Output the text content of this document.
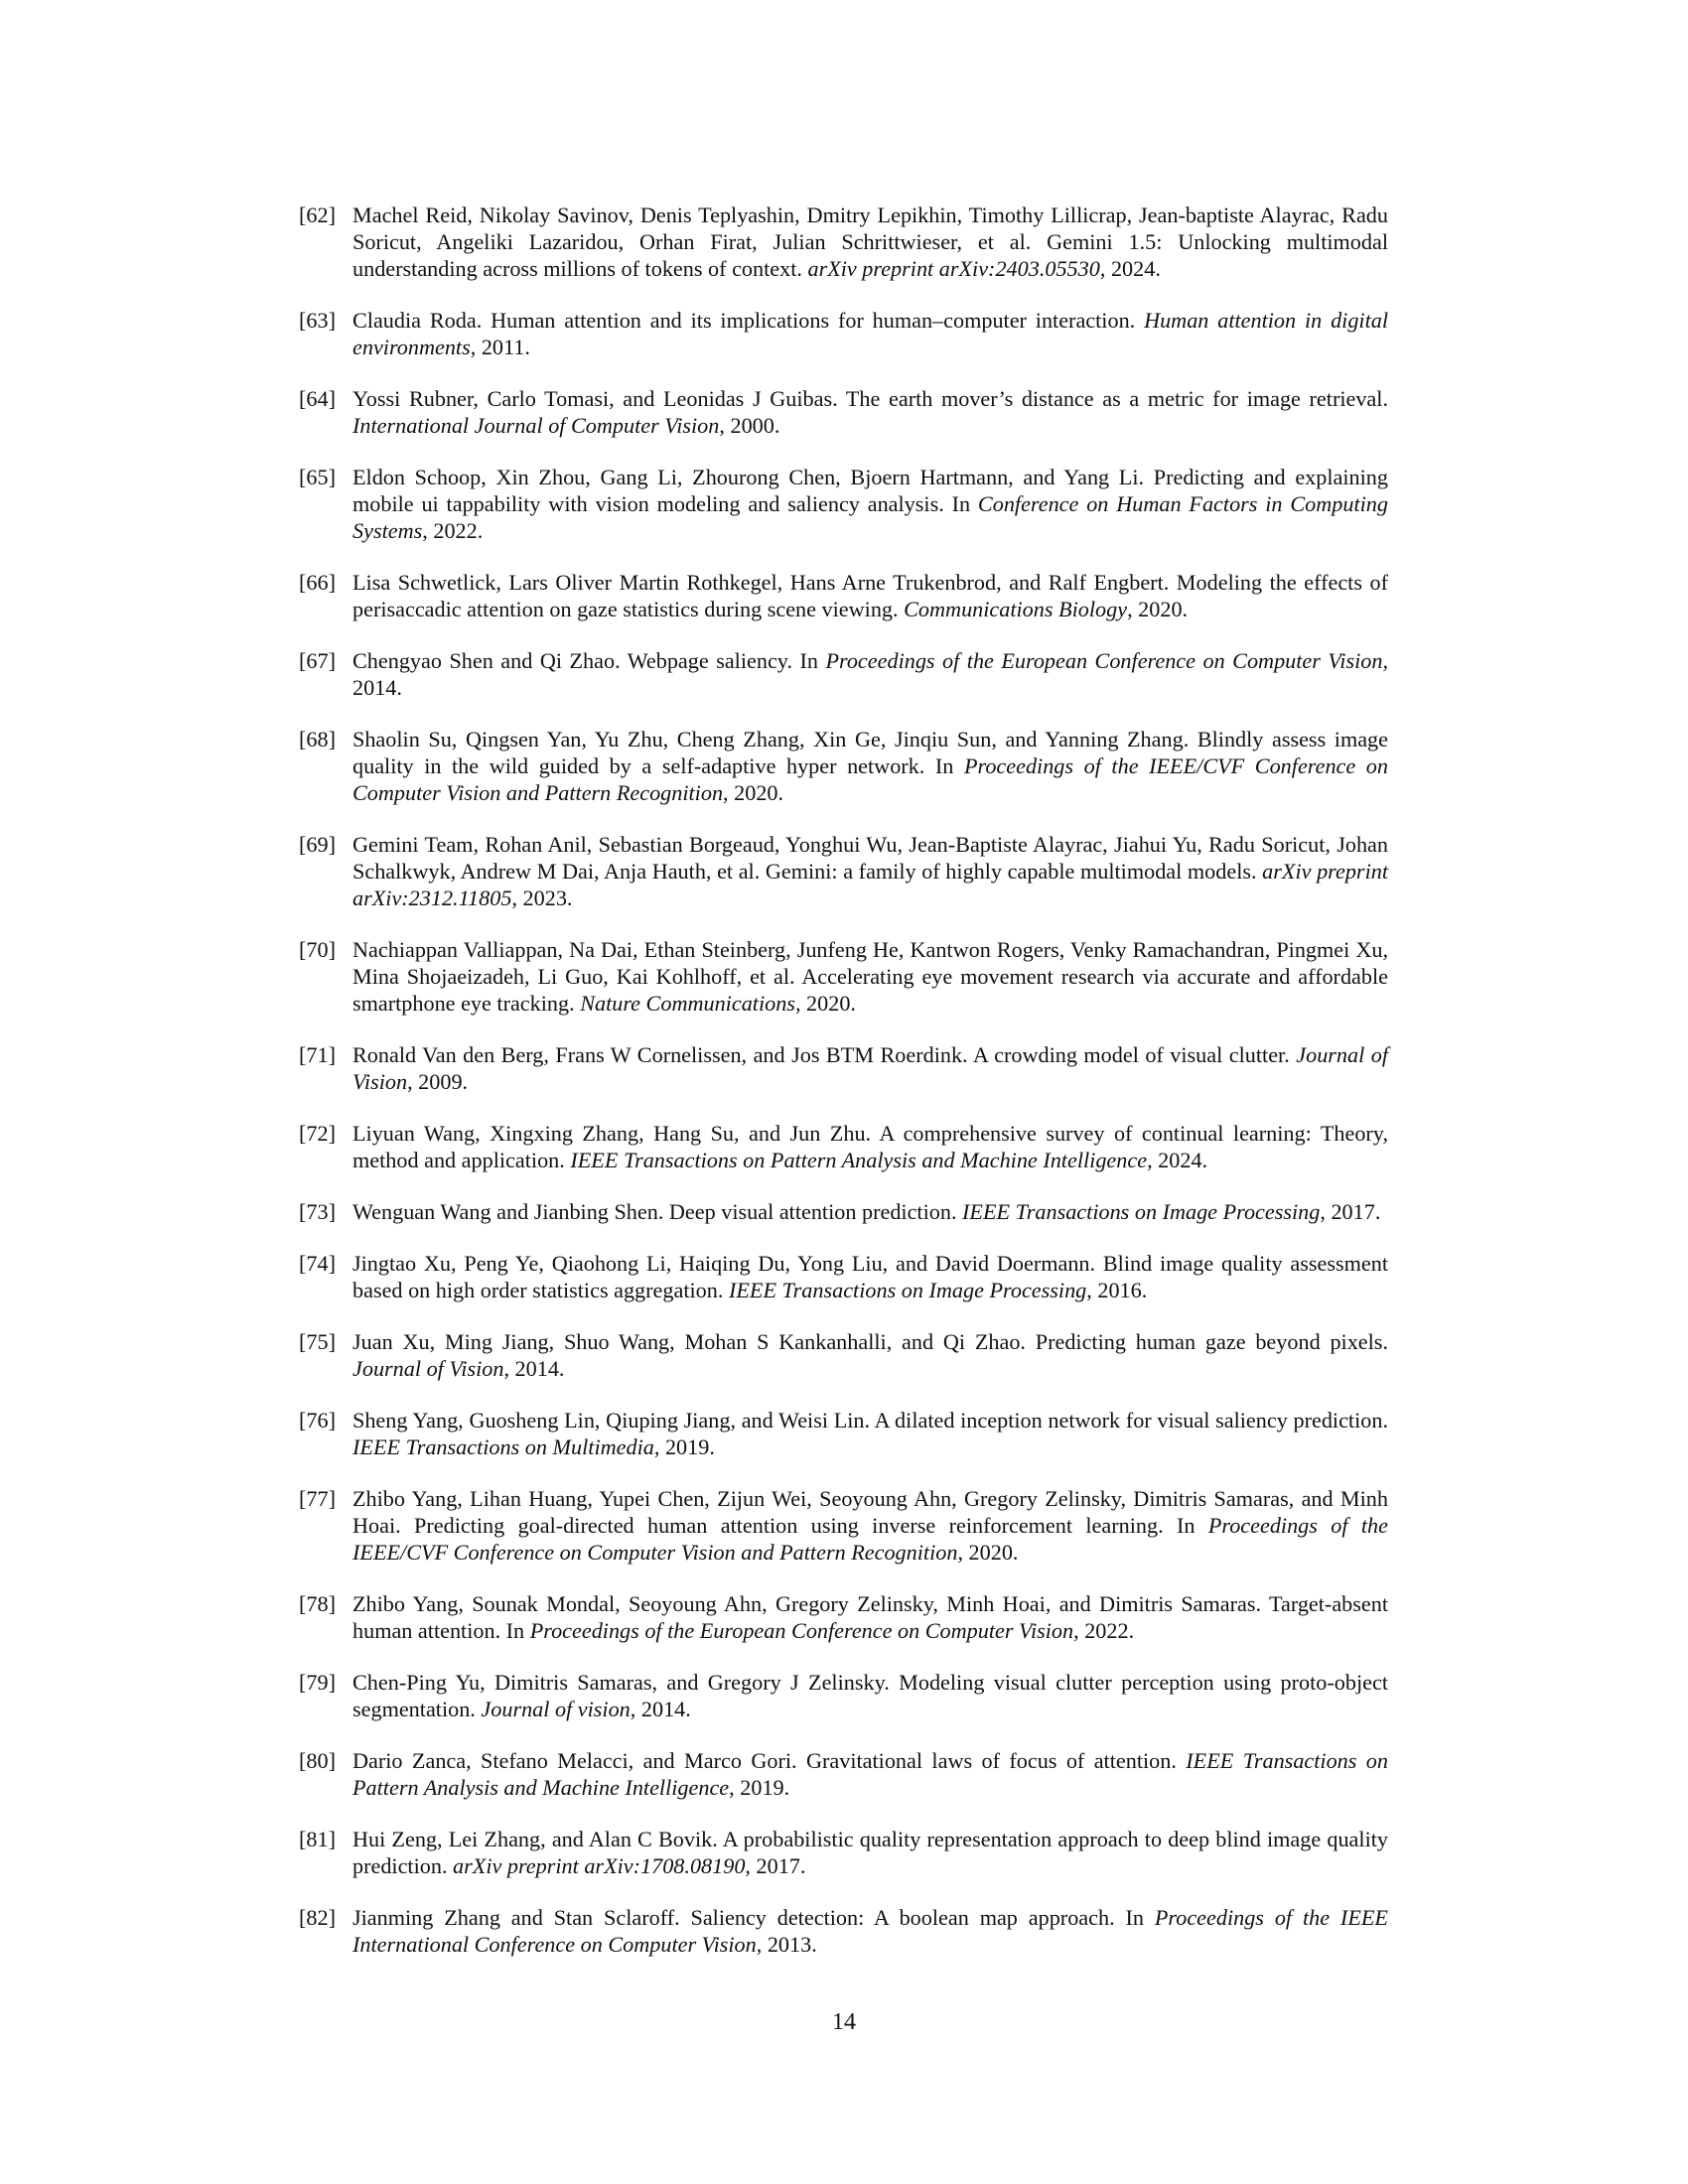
[62] Machel Reid, Nikolay Savinov, Denis Teplyashin, Dmitry Lepikhin, Timothy Lillicrap, Jean-baptiste Alayrac, Radu Soricut, Angeliki Lazaridou, Orhan Firat, Julian Schrittwieser, et al. Gemini 1.5: Unlocking multimodal understanding across millions of tokens of context. arXiv preprint arXiv:2403.05530, 2024.
[63] Claudia Roda. Human attention and its implications for human–computer interaction. Human attention in digital environments, 2011.
[64] Yossi Rubner, Carlo Tomasi, and Leonidas J Guibas. The earth mover’s distance as a metric for image retrieval. International Journal of Computer Vision, 2000.
[65] Eldon Schoop, Xin Zhou, Gang Li, Zhourong Chen, Bjoern Hartmann, and Yang Li. Predicting and explaining mobile ui tappability with vision modeling and saliency analysis. In Conference on Human Factors in Computing Systems, 2022.
[66] Lisa Schwetlick, Lars Oliver Martin Rothkegel, Hans Arne Trukenbrod, and Ralf Engbert. Modeling the effects of perisaccadic attention on gaze statistics during scene viewing. Communications Biology, 2020.
[67] Chengyao Shen and Qi Zhao. Webpage saliency. In Proceedings of the European Conference on Computer Vision, 2014.
[68] Shaolin Su, Qingsen Yan, Yu Zhu, Cheng Zhang, Xin Ge, Jinqiu Sun, and Yanning Zhang. Blindly assess image quality in the wild guided by a self-adaptive hyper network. In Proceedings of the IEEE/CVF Conference on Computer Vision and Pattern Recognition, 2020.
[69] Gemini Team, Rohan Anil, Sebastian Borgeaud, Yonghui Wu, Jean-Baptiste Alayrac, Jiahui Yu, Radu Soricut, Johan Schalkwyk, Andrew M Dai, Anja Hauth, et al. Gemini: a family of highly capable multimodal models. arXiv preprint arXiv:2312.11805, 2023.
[70] Nachiappan Valliappan, Na Dai, Ethan Steinberg, Junfeng He, Kantwon Rogers, Venky Ramachandran, Pingmei Xu, Mina Shojaeizadeh, Li Guo, Kai Kohlhoff, et al. Accelerating eye movement research via accurate and affordable smartphone eye tracking. Nature Communications, 2020.
[71] Ronald Van den Berg, Frans W Cornelissen, and Jos BTM Roerdink. A crowding model of visual clutter. Journal of Vision, 2009.
[72] Liyuan Wang, Xingxing Zhang, Hang Su, and Jun Zhu. A comprehensive survey of continual learning: Theory, method and application. IEEE Transactions on Pattern Analysis and Machine Intelligence, 2024.
[73] Wenguan Wang and Jianbing Shen. Deep visual attention prediction. IEEE Transactions on Image Processing, 2017.
[74] Jingtao Xu, Peng Ye, Qiaohong Li, Haiqing Du, Yong Liu, and David Doermann. Blind image quality assessment based on high order statistics aggregation. IEEE Transactions on Image Processing, 2016.
[75] Juan Xu, Ming Jiang, Shuo Wang, Mohan S Kankanhalli, and Qi Zhao. Predicting human gaze beyond pixels. Journal of Vision, 2014.
[76] Sheng Yang, Guosheng Lin, Qiuping Jiang, and Weisi Lin. A dilated inception network for visual saliency prediction. IEEE Transactions on Multimedia, 2019.
[77] Zhibo Yang, Lihan Huang, Yupei Chen, Zijun Wei, Seoyoung Ahn, Gregory Zelinsky, Dimitris Samaras, and Minh Hoai. Predicting goal-directed human attention using inverse reinforcement learning. In Proceedings of the IEEE/CVF Conference on Computer Vision and Pattern Recognition, 2020.
[78] Zhibo Yang, Sounak Mondal, Seoyoung Ahn, Gregory Zelinsky, Minh Hoai, and Dimitris Samaras. Target-absent human attention. In Proceedings of the European Conference on Computer Vision, 2022.
[79] Chen-Ping Yu, Dimitris Samaras, and Gregory J Zelinsky. Modeling visual clutter perception using proto-object segmentation. Journal of vision, 2014.
[80] Dario Zanca, Stefano Melacci, and Marco Gori. Gravitational laws of focus of attention. IEEE Transactions on Pattern Analysis and Machine Intelligence, 2019.
[81] Hui Zeng, Lei Zhang, and Alan C Bovik. A probabilistic quality representation approach to deep blind image quality prediction. arXiv preprint arXiv:1708.08190, 2017.
[82] Jianming Zhang and Stan Sclaroff. Saliency detection: A boolean map approach. In Proceedings of the IEEE International Conference on Computer Vision, 2013.
14
